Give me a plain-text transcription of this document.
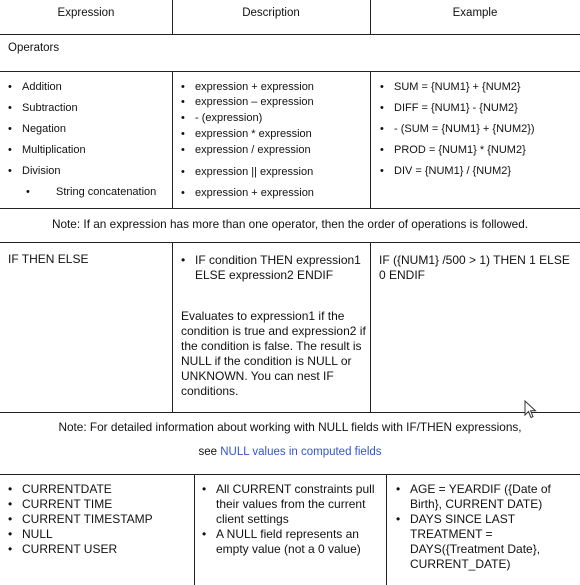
Expression	Description	Example
Operators
• Addition
• Subtraction
• Negation
• Multiplication
• Division
• String concatenation
• expression + expression
• expression – expression
• - (expression)
• expression * expression
• expression / expression
• expression || expression
• expression + expression
• SUM = {NUM1} + {NUM2}
• DIFF = {NUM1} - {NUM2}
• - (SUM = {NUM1} + {NUM2})
• PROD = {NUM1} * {NUM2}
• DIV = {NUM1} / {NUM2}
Note: If an expression has more than one operator, then the order of operations is followed.
IF THEN ELSE
•	IF condition THEN expression1 ELSE expression2 ENDIF
Evaluates to expression1 if the condition is true and expression2 if the condition is false. The result is NULL if the condition is NULL or UNKNOWN. You can nest IF conditions.
IF ({NUM1} /500 > 1) THEN 1 ELSE 0 ENDIF
Note: For detailed information about working with NULL fields with IF/THEN expressions,
see NULL values in computed fields
• CURRENTDATE
• CURRENT TIME
• CURRENT TIMESTAMP
• NULL
• CURRENT USER
• All CURRENT constraints pull their values from the current client settings
• A NULL field represents an empty value (not a 0 value)
• AGE = YEARDIF ({Date of Birth}, CURRENT DATE)
• DAYS SINCE LAST TREATMENT = DAYS({Treatment Date}, CURRENT_DATE)
